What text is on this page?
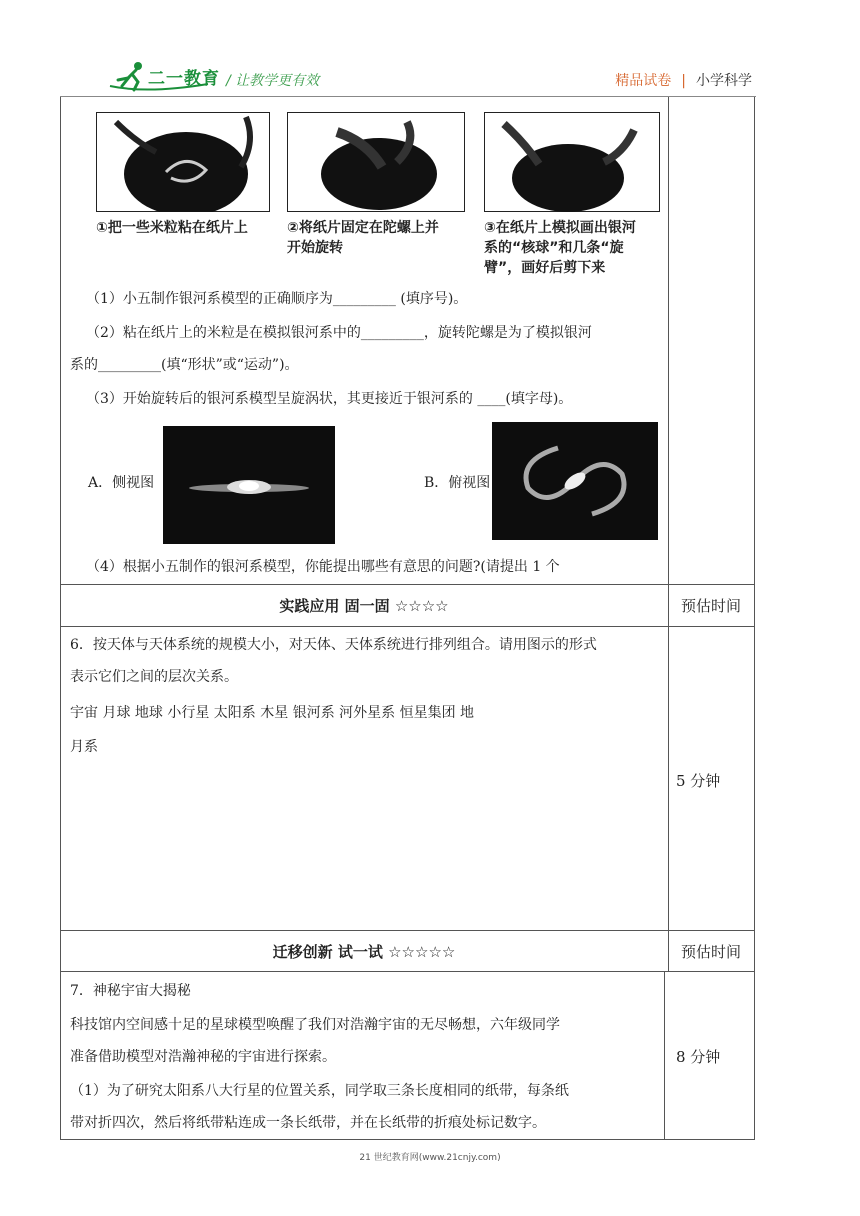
二一教育 / 让教学更有效	精品试卷 | 小学科学
①把一些米粒粘在纸片上	②将纸片固定在陀螺上并
开始旋转
③在纸片上模拟画出银河
系的“核球”和几条“旋
臂”，画好后剪下来
（1）小五制作银河系模型的正确顺序为_________ (填序号)。
（2）粘在纸片上的米粒是在模拟银河系中的_________，旋转陀螺是为了模拟银河
系的_________(填“形状”或“运动”)。
（3）开始旋转后的银河系模型呈旋涡状，其更接近于银河系的 ____(填字母)。
A．侧视图	B．俯视图
（4）根据小五制作的银河系模型，你能提出哪些有意思的问题?(请提出 1 个
实践应用 固一固 ☆☆☆☆	预估时间
6．按天体与天体系统的规模大小，对天体、天体系统进行排列组合。请用图示的形式
表示它们之间的层次关系。
宇宙 月球 地球 小行星 太阳系 木星 银河系 河外星系 恒星集团 地
月系
5 分钟
迁移创新 试一试 ☆☆☆☆☆	预估时间
7．神秘宇宙大揭秘
科技馆内空间感十足的星球模型唤醒了我们对浩瀚宇宙的无尽畅想，六年级同学
准备借助模型对浩瀚神秘的宇宙进行探索。
（1）为了研究太阳系八大行星的位置关系，同学取三条长度相同的纸带，每条纸
带对折四次，然后将纸带粘连成一条长纸带，并在长纸带的折痕处标记数字。
8 分钟
21 世纪教育网(www.21cnjy.com)
